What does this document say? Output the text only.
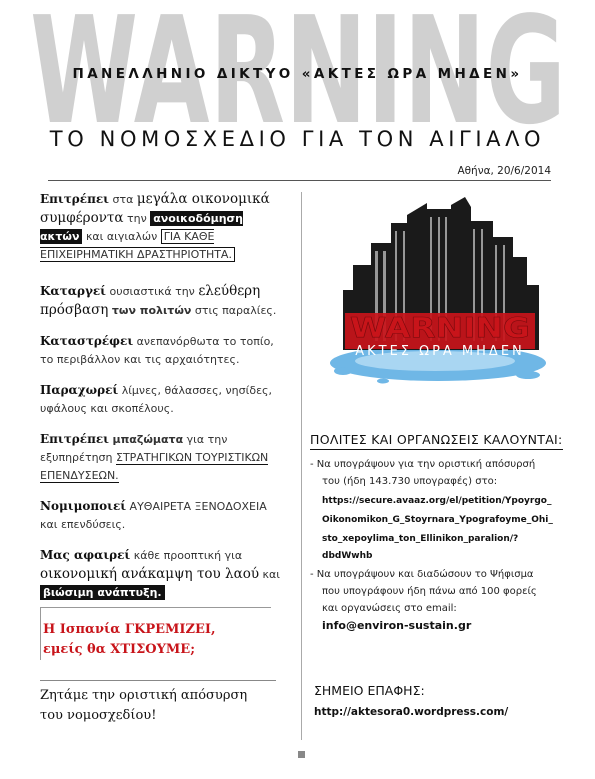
WARNING
ΠΑΝΕΛΛΗΝΙΟ ΔΙΚΤΥΟ «ΑΚΤΕΣ ΩΡΑ ΜΗΔΕΝ»
ΤΟ ΝΟΜΟΣΧΕΔΙΟ ΓΙΑ ΤΟΝ ΑΙΓΙΑΛΟ
Αθήνα, 20/6/2014
Επιτρέπει στα μεγάλα οικονομικά συμφέροντα την ανοικοδόμηση ακτών και αιγιαλών ΓΙΑ ΚΑΘΕ ΕΠΙΧΕΙΡΗΜΑΤΙΚΗ ΔΡΑΣΤΗΡΙΟΤΗΤΑ.
Καταργεί ουσιαστικά την ελεύθερη πρόσβαση των πολιτών στις παραλίες.
Καταστρέφει ανεπανόρθωτα το τοπίο, το περιβάλλον και τις αρχαιότητες.
Παραχωρεί λίμνες, θάλασσες, νησίδες, υφάλους και σκοπέλους.
Επιτρέπει μπαζώματα για την εξυπηρέτηση ΣΤΡΑΤΗΓΙΚΩΝ ΤΟΥΡΙΣΤΙΚΩΝ ΕΠΕΝΔΥΣΕΩΝ.
Νομιμοποιεί ΑΥΘΑΙΡΕΤΑ ΞΕΝΟΔΟΧΕΙΑ και επενδύσεις.
Μας αφαιρεί κάθε προοπτική για οικονομική ανάκαμψη του λαού και βιώσιμη ανάπτυξη.
Η Ισπανία ΓΚΡΕΜΙΖΕΙ,
εμείς θα ΧΤΙΣΟΥΜΕ;
Ζητάμε την οριστική απόσυρση
του νομοσχεδίου!
WARNING
ΑΚΤΕΣ ΩΡΑ ΜΗΔΕΝ
ΠΟΛΙΤΕΣ ΚΑΙ ΟΡΓΑΝΩΣΕΙΣ ΚΑΛΟΥΝΤΑΙ:
- Να υπογράψουν για την οριστική απόσυρσή
του (ήδη 143.730 υπογραφές) στο:
https://secure.avaaz.org/el/petition/Ypoyrgo_
Oikonomikon_G_Stoyrnara_Ypografoyme_Ohi_
sto_xepoylima_ton_Ellinikon_paralion/?dbdWwhb
- Να υπογράψουν και διαδώσουν το Ψήφισμα
που υπογράφουν ήδη πάνω από 100 φορείς
και οργανώσεις στο email:
info@environ-sustain.gr
ΣΗΜΕΙΟ ΕΠΑΦΗΣ:
http://aktesora0.wordpress.com/
